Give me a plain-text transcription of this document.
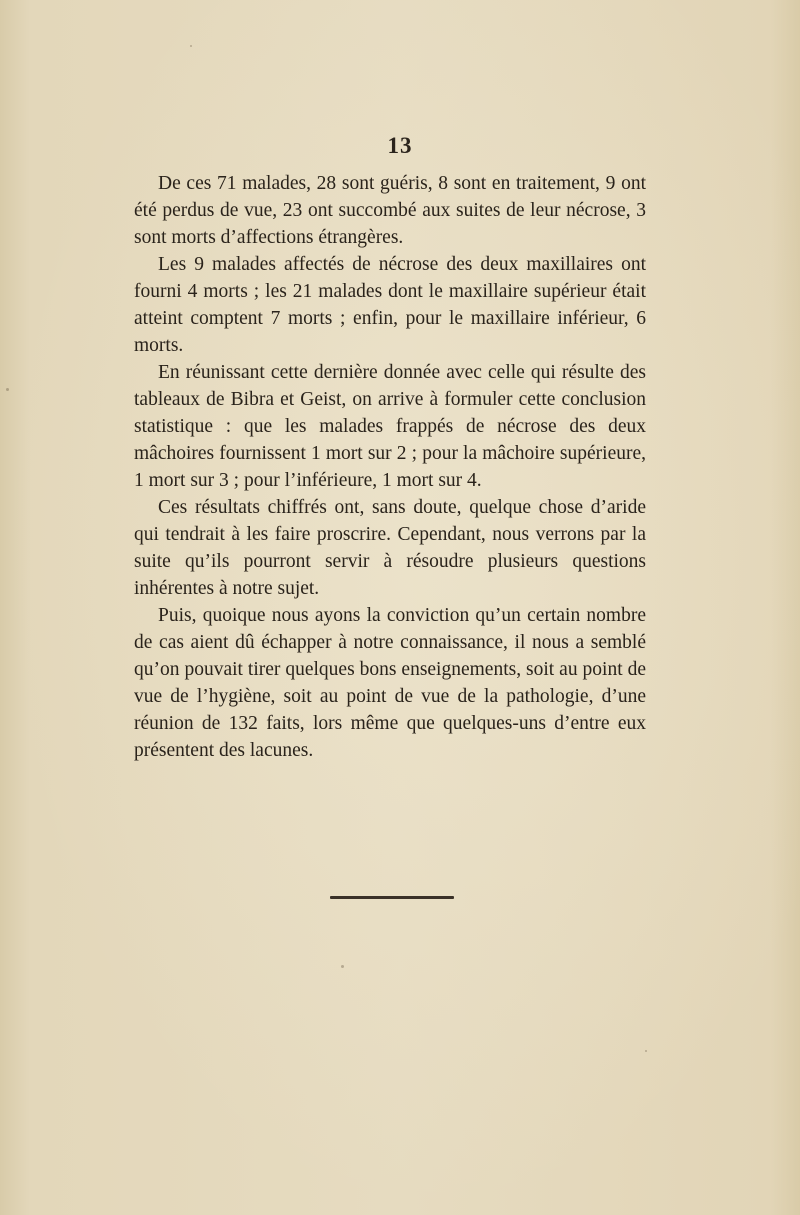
13

De ces 71 malades, 28 sont guéris, 8 sont en traitement, 9 ont été perdus de vue, 23 ont succombé aux suites de leur nécrose, 3 sont morts d’affections étrangères.

Les 9 malades affectés de nécrose des deux maxillaires ont fourni 4 morts ; les 21 malades dont le maxillaire supérieur était atteint comptent 7 morts ; enfin, pour le maxillaire inférieur, 6 morts.

En réunissant cette dernière donnée avec celle qui résulte des tableaux de Bibra et Geist, on arrive à formuler cette conclusion statistique : que les malades frappés de nécrose des deux mâchoires fournissent 1 mort sur 2 ; pour la mâchoire supérieure, 1 mort sur 3 ; pour l’inférieure, 1 mort sur 4.

Ces résultats chiffrés ont, sans doute, quelque chose d’aride qui tendrait à les faire proscrire. Cependant, nous verrons par la suite qu’ils pourront servir à résoudre plusieurs questions inhérentes à notre sujet.

Puis, quoique nous ayons la conviction qu’un certain nombre de cas aient dû échapper à notre connaissance, il nous a semblé qu’on pouvait tirer quelques bons enseignements, soit au point de vue de l’hygiène, soit au point de vue de la pathologie, d’une réunion de 132 faits, lors même que quelques-uns d’entre eux présentent des lacunes.
